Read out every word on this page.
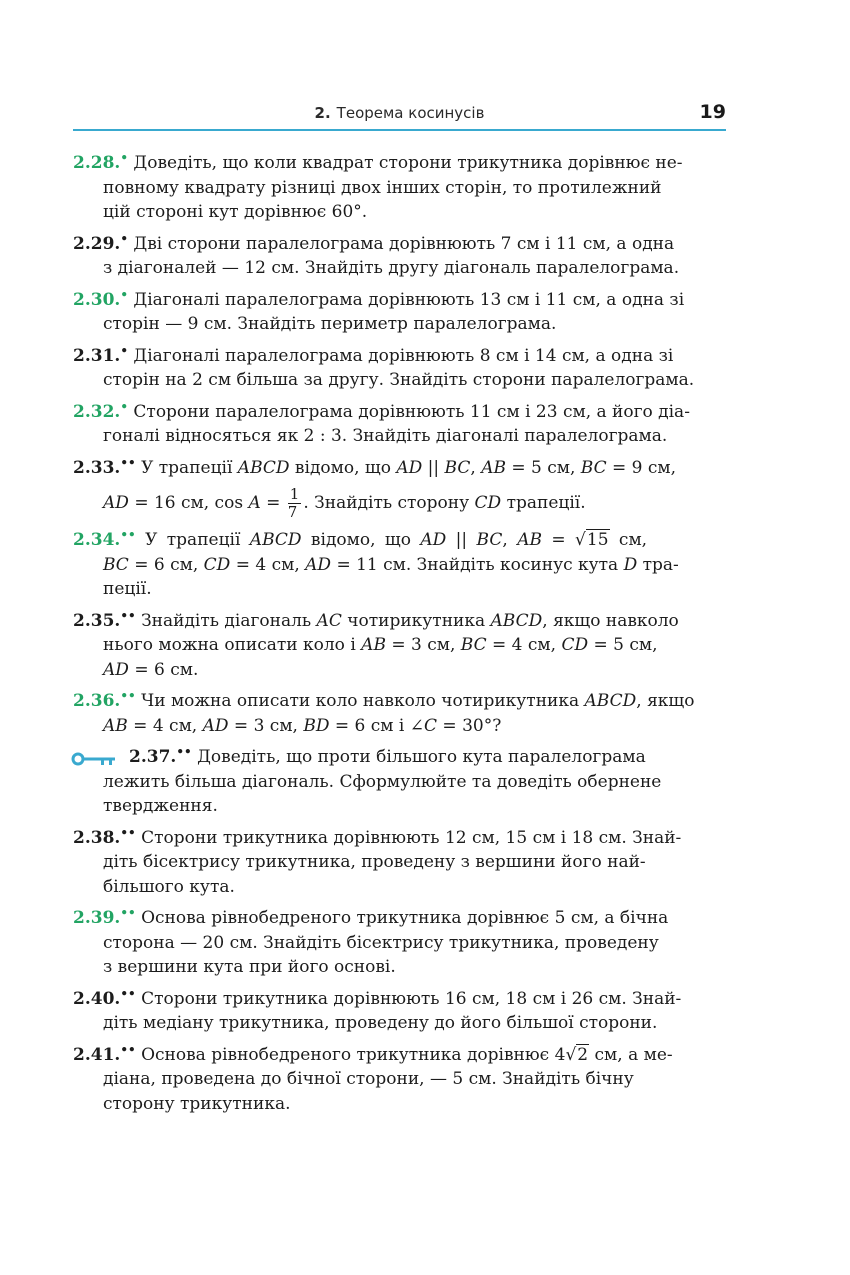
2. Теорема косинусів	19
2.28.• Доведіть, що коли квадрат сторони трикутника дорівнює не-
повному квадрату різниці двох інших сторін, то протилежний
цій стороні кут дорівнює 60°.
2.29.• Дві сторони паралелограма дорівнюють 7 см і 11 см, а одна
з діагоналей — 12 см. Знайдіть другу діагональ паралелограма.
2.30.• Діагоналі паралелограма дорівнюють 13 см і 11 см, а одна зі
сторін — 9 см. Знайдіть периметр паралелограма.
2.31.• Діагоналі паралелограма дорівнюють 8 см і 14 см, а одна зі
сторін на 2 см більша за другу. Знайдіть сторони паралелограма.
2.32.• Сторони паралелограма дорівнюють 11 см і 23 см, а його діа-
гоналі відносяться як 2 : 3. Знайдіть діагоналі паралелограма.
2.33.•• У трапеції ABCD відомо, що AD || BC, AB = 5 см, BC = 9 см,
AD = 16 см, $\cos A = \frac{1}{7}$ . Знайдіть сторону CD трапеції.
2.34.•• У трапеції ABCD відомо, що AD || BC, AB = √15 см,
BC = 6 см, CD = 4 см, AD = 11 см. Знайдіть косинус кута D тра-
пеції.
2.35.•• Знайдіть діагональ AC чотирикутника ABCD, якщо навколо
нього можна описати коло і AB = 3 см, BC = 4 см, CD = 5 см,
AD = 6 см.
2.36.•• Чи можна описати коло навколо чотирикутника ABCD, якщо
AB = 4 см, AD = 3 см, BD = 6 см і ∠C = 30°?
2.37.•• Доведіть, що проти більшого кута паралелограма
лежить більша діагональ. Сформулюйте та доведіть обернене
твердження.
2.38.•• Сторони трикутника дорівнюють 12 см, 15 см і 18 см. Знай-
діть бісектрису трикутника, проведену з вершини його най-
більшого кута.
2.39.•• Основа рівнобедреного трикутника дорівнює 5 см, а бічна
сторона — 20 см. Знайдіть бісектрису трикутника, проведену
з вершини кута при його основі.
2.40.•• Сторони трикутника дорівнюють 16 см, 18 см і 26 см. Знай-
діть медіану трикутника, проведену до його більшої сторони.
2.41.•• Основа рівнобедреного трикутника дорівнює 4√2 см, а ме-
діана, проведена до бічної сторони, — 5 см. Знайдіть бічну
сторону трикутника.
